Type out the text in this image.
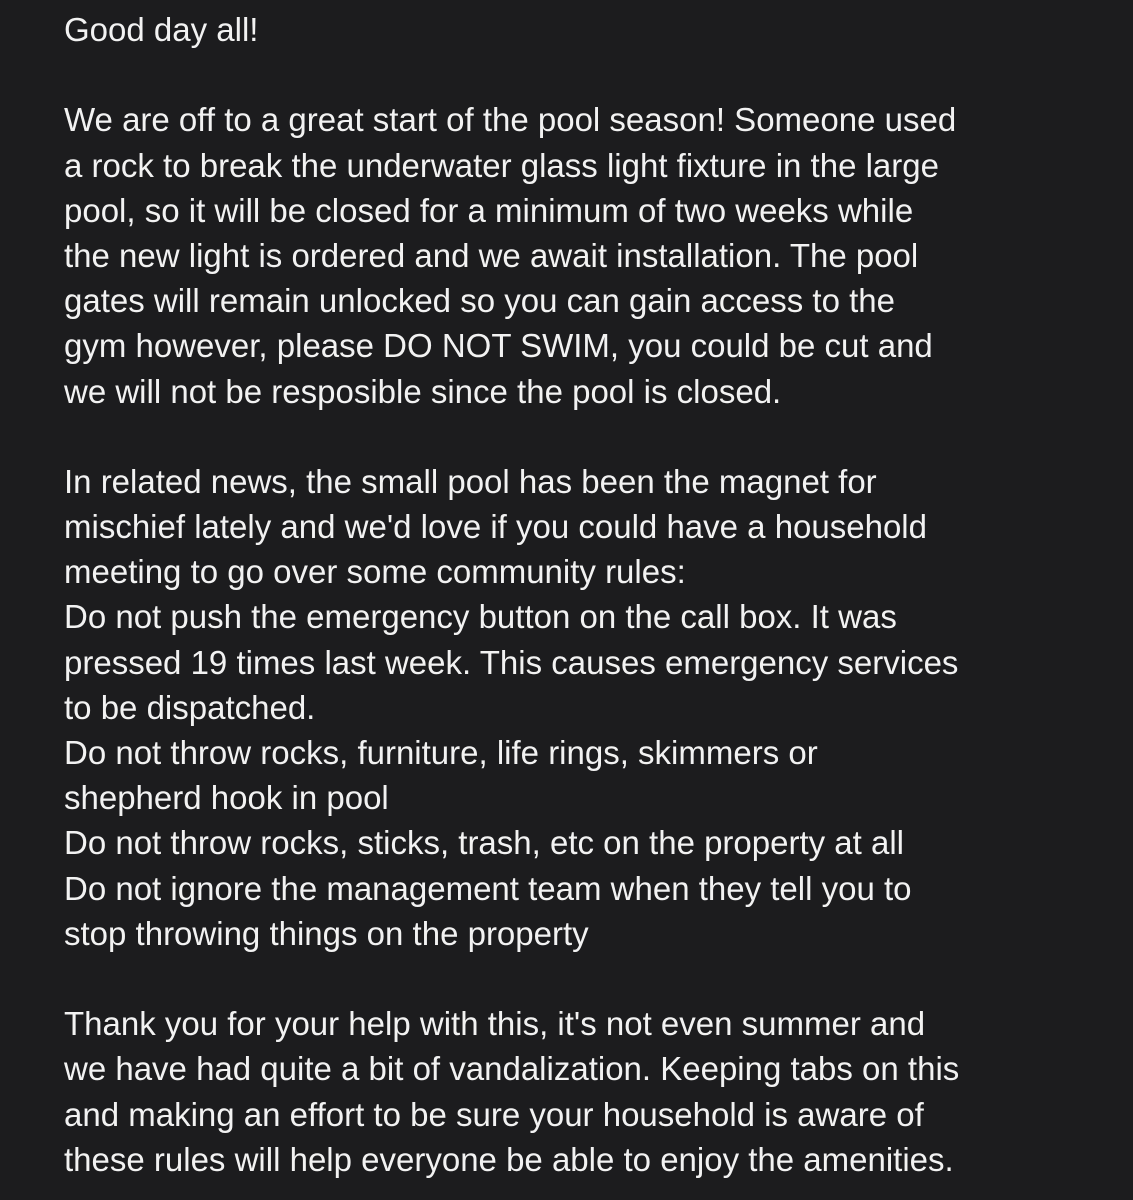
Good day all!
We are off to a great start of the pool season! Someone used
a rock to break the underwater glass light fixture in the large
pool, so it will be closed for a minimum of two weeks while
the new light is ordered and we await installation. The pool
gates will remain unlocked so you can gain access to the
gym however, please DO NOT SWIM, you could be cut and
we will not be resposible since the pool is closed.
In related news, the small pool has been the magnet for
mischief lately and we'd love if you could have a household
meeting to go over some community rules:
Do not push the emergency button on the call box. It was
pressed 19 times last week. This causes emergency services
to be dispatched.
Do not throw rocks, furniture, life rings, skimmers or
shepherd hook in pool
Do not throw rocks, sticks, trash, etc on the property at all
Do not ignore the management team when they tell you to
stop throwing things on the property
Thank you for your help with this, it's not even summer and
we have had quite a bit of vandalization. Keeping tabs on this
and making an effort to be sure your household is aware of
these rules will help everyone be able to enjoy the amenities.
